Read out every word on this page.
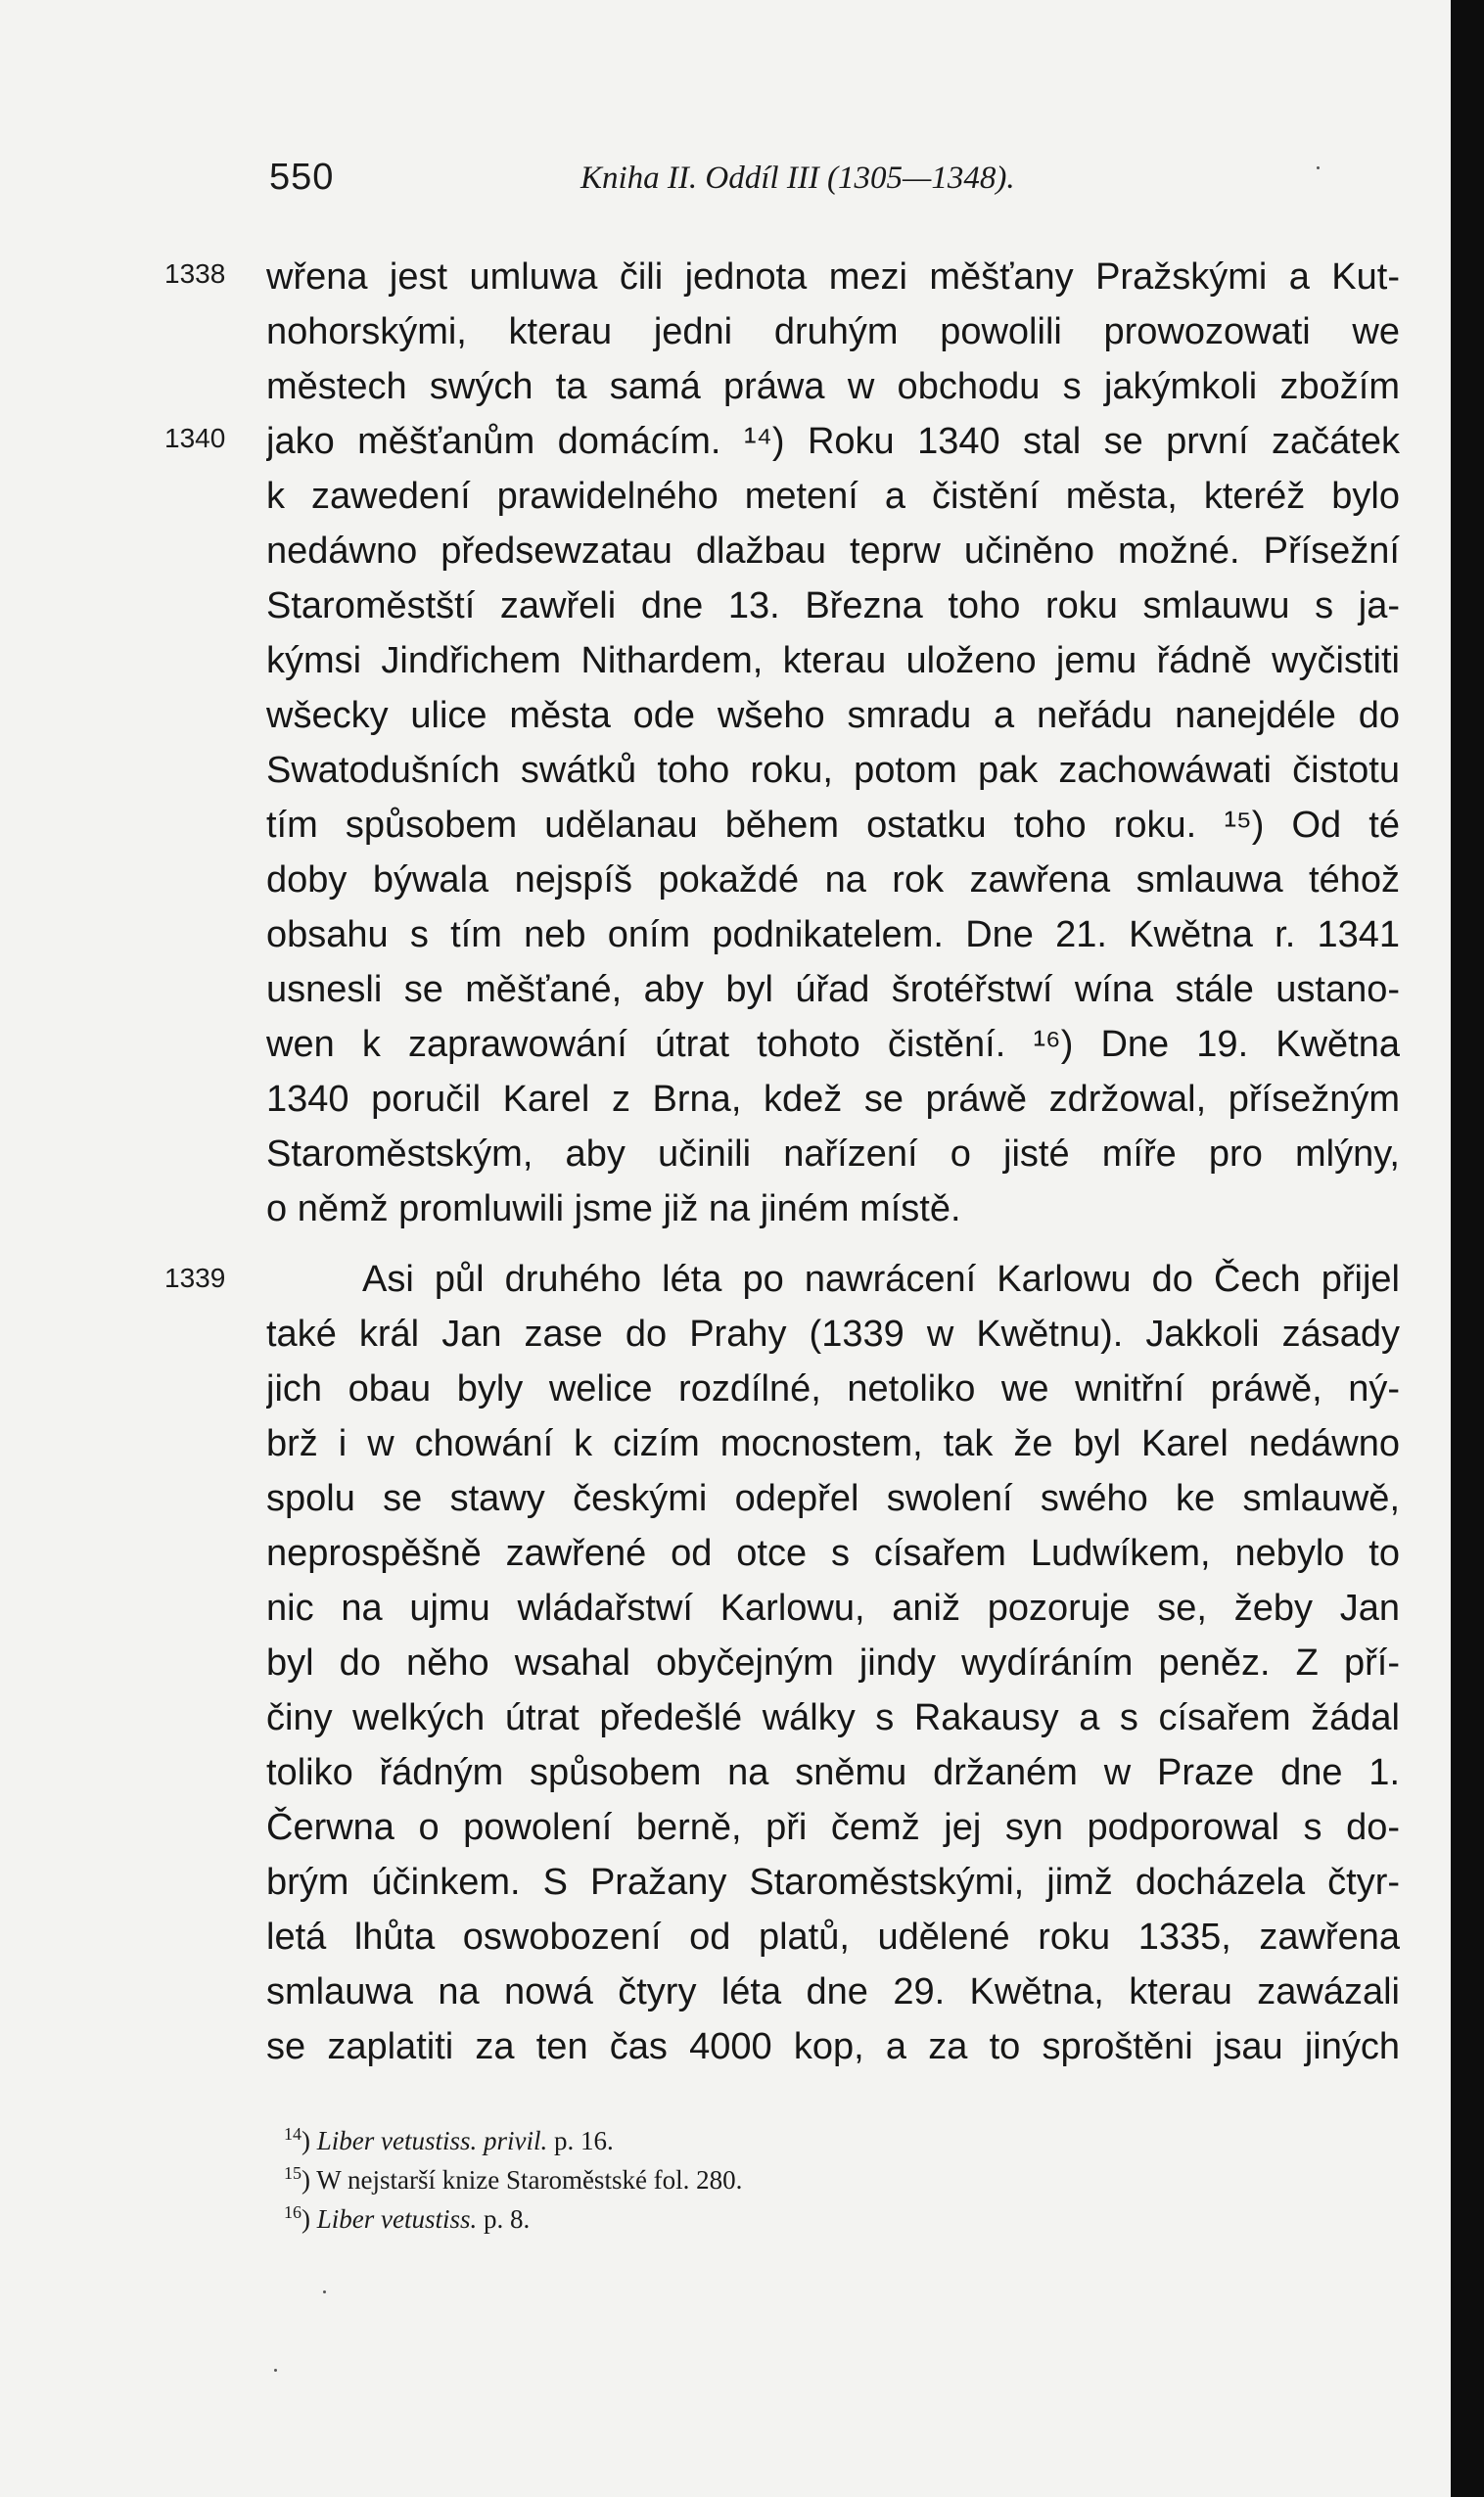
550	Kniha II. Oddíl III (1305—1348).
1338
1340
1339
wřena jest umluwa čili jednota mezi měšťany Pražskými a Kut-
nohorskými, kterau jedni druhým powolili prowozowati we
městech swých ta samá práwa w obchodu s jakýmkoli zbožím
jako měšťanům domácím. ¹⁴) Roku 1340 stal se první začátek
k zawedení prawidelného metení a čistění města, kteréž bylo
nedáwno předsewzatau dlažbau teprw učiněno možné. Přísežní
Staroměstští zawřeli dne 13. Března toho roku smlauwu s ja-
kýmsi Jindřichem Nithardem, kterau uloženo jemu řádně wyčistiti
wšecky ulice města ode wšeho smradu a neřádu nanejdéle do
Swatodušních swátků toho roku, potom pak zachowáwati čistotu
tím spůsobem udělanau během ostatku toho roku. ¹⁵) Od té
doby býwala nejspíš pokaždé na rok zawřena smlauwa téhož
obsahu s tím neb oním podnikatelem. Dne 21. Kwětna r. 1341
usnesli se měšťané, aby byl úřad šrotéřstwí wína stále ustano-
wen k zaprawowání útrat tohoto čistění. ¹⁶) Dne 19. Kwětna
1340 poručil Karel z Brna, kdež se práwě zdržowal, přísežným
Staroměstským, aby učinili nařízení o jisté míře pro mlýny,
o němž promluwili jsme již na jiném místě.
Asi půl druhého léta po nawrácení Karlowu do Čech přijel
také král Jan zase do Prahy (1339 w Kwětnu). Jakkoli zásady
jich obau byly welice rozdílné, netoliko we wnitřní práwě, ný-
brž i w chowání k cizím mocnostem, tak že byl Karel nedáwno
spolu se stawy českými odepřel swolení swého ke smlauwě,
neprospěšně zawřené od otce s císařem Ludwíkem, nebylo to
nic na ujmu wládařstwí Karlowu, aniž pozoruje se, žeby Jan
byl do něho wsahal obyčejným jindy wydíráním peněz. Z pří-
činy welkých útrat předešlé wálky s Rakausy a s císařem žádal
toliko řádným spůsobem na sněmu držaném w Praze dne 1.
Čerwna o powolení berně, při čemž jej syn podporowal s do-
brým účinkem. S Pražany Staroměstskými, jimž docházela čtyr-
letá lhůta oswobození od platů, udělené roku 1335, zawřena
smlauwa na nowá čtyry léta dne 29. Kwětna, kterau zawázali
se zaplatiti za ten čas 4000 kop, a za to sproštěni jsau jiných
$^{14}$) Liber vetustiss. privil. p. 16.
$^{15}$) W nejstarší knize Staroměstské fol. 280.
$^{16}$) Liber vetustiss. p. 8.
